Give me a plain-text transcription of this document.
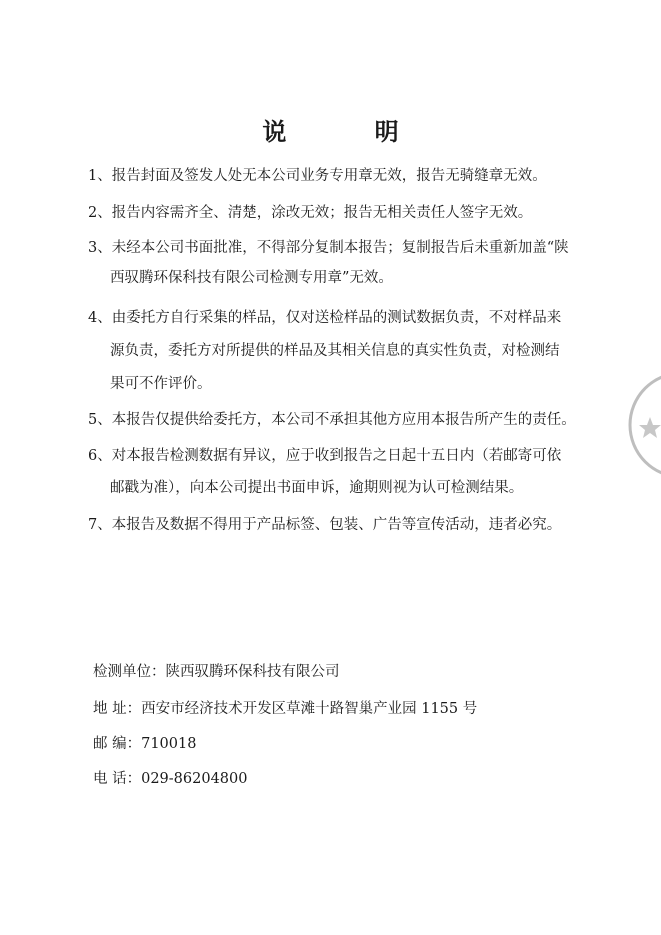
说 明
1、报告封面及签发人处无本公司业务专用章无效，报告无骑缝章无效。
2、报告内容需齐全、清楚，涂改无效；报告无相关责任人签字无效。
3、未经本公司书面批准，不得部分复制本报告；复制报告后未重新加盖“陕
西驭腾环保科技有限公司检测专用章”无效。
4、由委托方自行采集的样品，仅对送检样品的测试数据负责，不对样品来
源负责，委托方对所提供的样品及其相关信息的真实性负责，对检测结
果可不作评价。
5、本报告仅提供给委托方，本公司不承担其他方应用本报告所产生的责任。
6、对本报告检测数据有异议，应于收到报告之日起十五日内（若邮寄可依
邮戳为准），向本公司提出书面申诉，逾期则视为认可检测结果。
7、本报告及数据不得用于产品标签、包装、广告等宣传活动，违者必究。
检测单位：陕西驭腾环保科技有限公司
地 址：西安市经济技术开发区草滩十路智巢产业园 1155 号
邮 编：710018
电 话：029-86204800
